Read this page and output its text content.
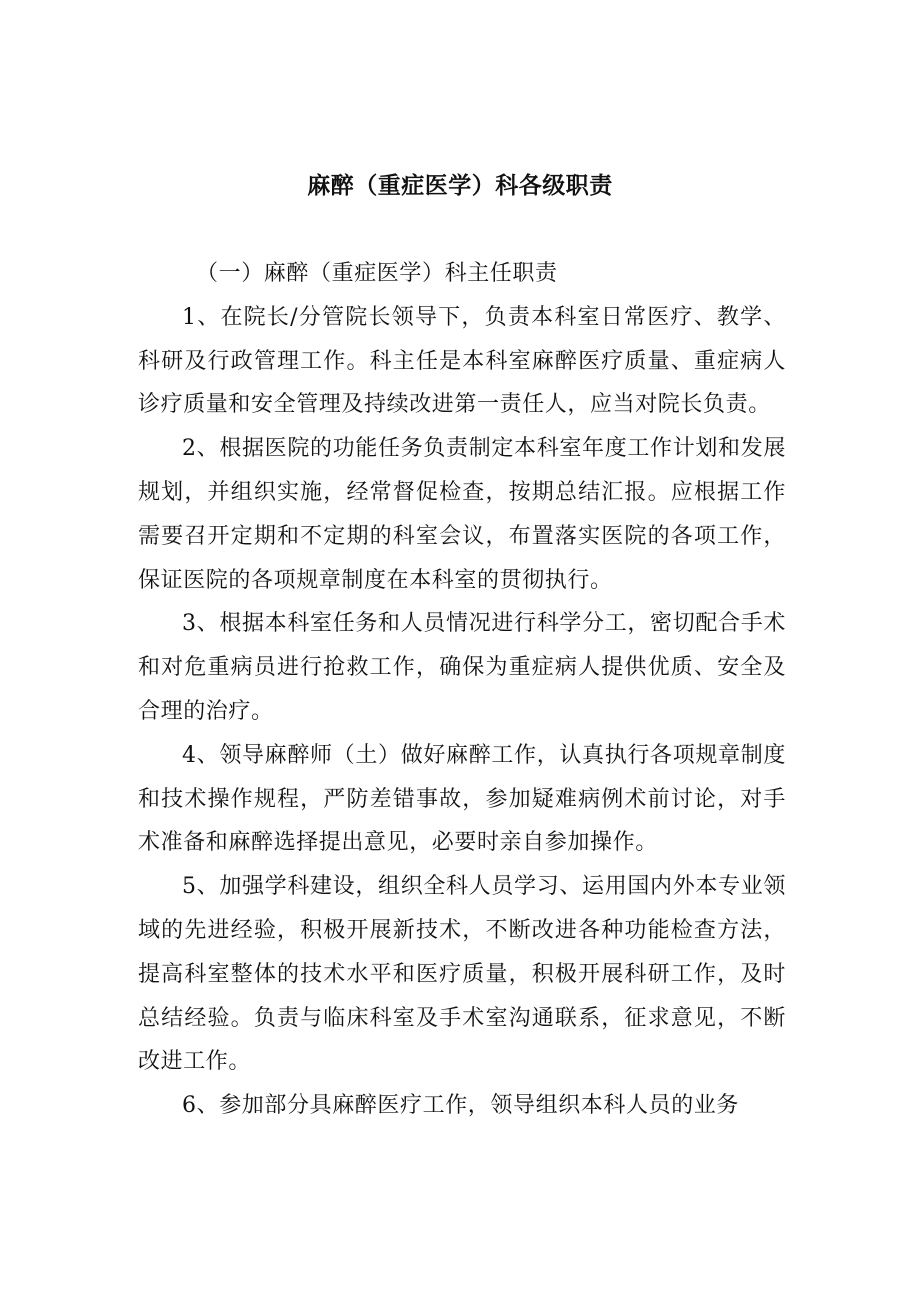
麻醉（重症医学）科各级职责

（一）麻醉（重症医学）科主任职责

1、在院长/分管院长领导下，负责本科室日常医疗、教学、科研及行政管理工作。科主任是本科室麻醉医疗质量、重症病人诊疗质量和安全管理及持续改进第一责任人，应当对院长负责。

2、根据医院的功能任务负责制定本科室年度工作计划和发展规划，并组织实施，经常督促检查，按期总结汇报。应根据工作需要召开定期和不定期的科室会议，布置落实医院的各项工作，保证医院的各项规章制度在本科室的贯彻执行。

3、根据本科室任务和人员情况进行科学分工，密切配合手术和对危重病员进行抢救工作，确保为重症病人提供优质、安全及合理的治疗。

4、领导麻醉师（土）做好麻醉工作，认真执行各项规章制度和技术操作规程，严防差错事故，参加疑难病例术前讨论，对手术准备和麻醉选择提出意见，必要时亲自参加操作。

5、加强学科建设，组织全科人员学习、运用国内外本专业领域的先进经验，积极开展新技术，不断改进各种功能检查方法，提高科室整体的技术水平和医疗质量，积极开展科研工作，及时总结经验。负责与临床科室及手术室沟通联系，征求意见，不断改进工作。

6、参加部分具麻醉医疗工作，领导组织本科人员的业务
